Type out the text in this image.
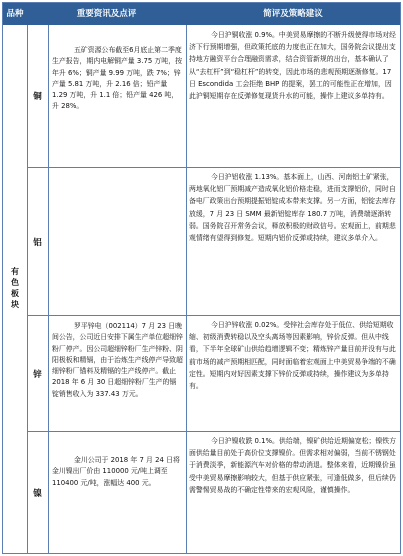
品种	重要资讯及点评	简评及策略建议
有色板块
铜
五矿资源公布截至6月底止第二季度生产报告，期内电解铜产量 3.75 万吨，按年升 6%；铜产量 9.99 万吨，跌 7%；锌产量 5.81 万吨，升 2.16 倍；铅产量 1.29 万吨，升 1.1 倍；铅产量 426 吨，升 28%。
今日沪铜收涨 0.9%。中美贸易摩擦的不断升级使得市场对经济下行预期增强，但政策托底的力度也正在加大，国务院会议提出支持地方融资平台合理融资需求，结合资管新规的出台，基本确认了从“去杠杆”到“稳杠杆”的转变，因此市场的悲观预期逐渐修复。17 日 Escondida 工会拒绝 BHP 的提案，罢工的可能性正在增加，因此沪铜短期存在反弹修复现货升水的可能，操作上建议多单持有。
铝
今日沪铝收涨 1.13%。基本面上，山西、河南铝土矿紧张，两地氧化铝厂预期减产造成氧化铝价格走稳，进而支撑铝价，同时自备电厂政策出台预期提振铝锭成本带来支撑。另一方面，铝锭去库存放缓，7 月 23 日 SMM 最新铝锭库存 180.7 万吨，消费端逐渐转弱。国务院召开常务会议，释放积极的财政信号。宏观面上，前期悲观情绪有望得到修复。短期内铝价反弹或持续，建议多单介入。
锌
罗平锌电（002114）7 月 23 日晚间公告，公司近日安排下属生产单位超细锌粉厂停产。因公司超细锌粉厂生产锌粉、阴阳极板和精镉，由于治炼生产线停产导致超细锌粉厂锚料及精镉的生产线停产。截止 2018 年 6 月 30 日超细锌粉厂生产的镉锭销售收入为 337.43 万元。
今日沪锌收涨 0.02%。受锌社会库存处于低位、供给短期收缩、初级消费转稳以及空头离场等因素影响，锌价反弹。但从中线看，下半年全球矿山供给趋增逻辑不变；精炼锌产量目前并没有与此前市场的减产预期相匹配，同时面临着宏观面上中美贸易争端的不确定性。短期内对好因素支撑下锌价反弹或持续，操作建议为多单持有。
镍
金川公司于 2018 年 7 月 24 日将金川镍出厂价由 110000 元/吨上调至 110400 元/吨，涨幅达 400 元。
今日沪镍收跌 0.1%。供给端，镍矿供给近期偏宽松；镍铁方面供给量目前处于高价位支撑镍价。但需求相对偏弱，当前不锈钢处于消费淡季，新能源汽车对价格的带动消退。整体来看，近期镍价虽受中美贸易摩擦影响较大，但基于供应紧张，可逢低做多，但后续仍需警惕贸易战的不确定性带来的宏观风险，谨慎操作。
